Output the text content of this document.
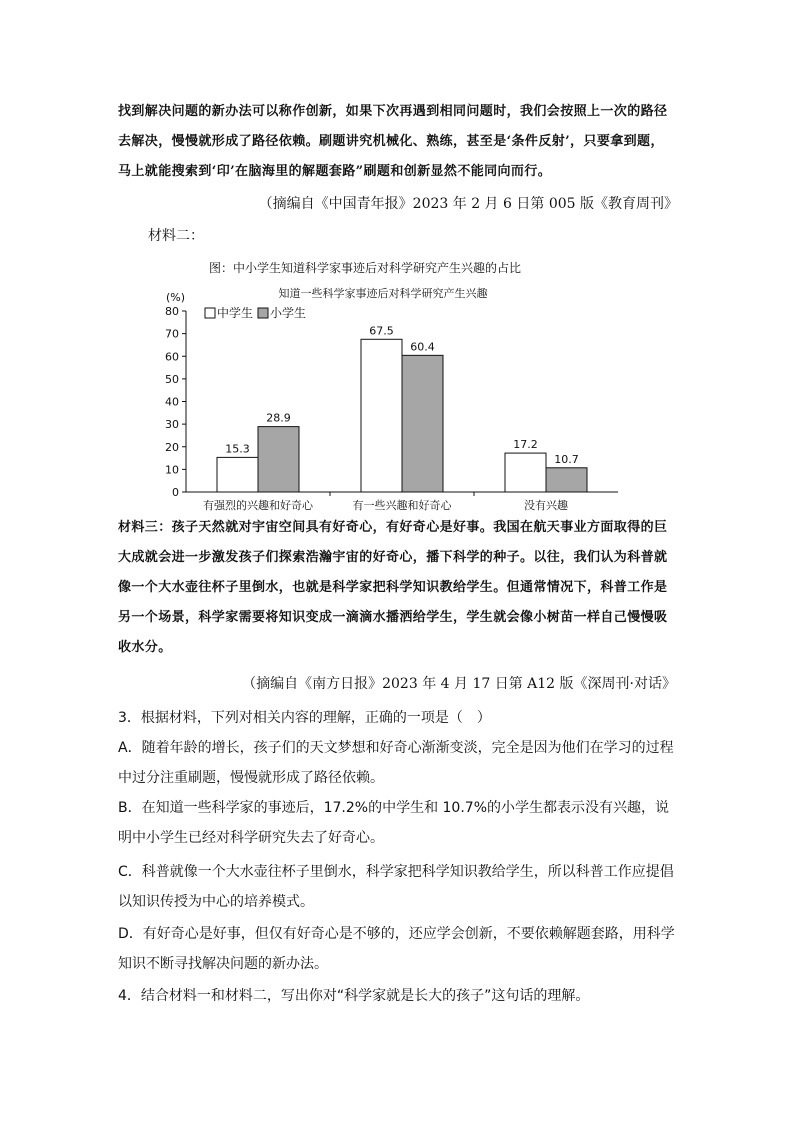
找到解决问题的新办法可以称作创新，如果下次再遇到相同问题时，我们会按照上一次的路径去解决，慢慢就形成了路径依赖。刷题讲究机械化、熟练，甚至是‘条件反射’，只要拿到题，马上就能搜索到‘印’在脑海里的解题套路”刷题和创新显然不能同向而行。

（摘编自《中国青年报》2023 年 2 月 6 日第 005 版《教育周刊》

材料二：

图：中小学生知道科学家事迹后对科学研究产生兴趣的占比
知道一些科学家事迹后对科学研究产生兴趣
(%)
中学生 小学生
0
10
20
30
40
50
60
70
80
有强烈的兴趣和好奇心	有一些兴趣和好奇心	没有兴趣
15.3
28.9
67.5
60.4
17.2
10.7

材料三：孩子天然就对宇宙空间具有好奇心，有好奇心是好事。我国在航天事业方面取得的巨大成就会进一步激发孩子们探索浩瀚宇宙的好奇心，播下科学的种子。以往，我们认为科普就像一个大水壶往杯子里倒水，也就是科学家把科学知识教给学生。但通常情况下，科普工作是另一个场景，科学家需要将知识变成一滴滴水播洒给学生，学生就会像小树苗一样自己慢慢吸收水分。

（摘编自《南方日报》2023 年 4 月 17 日第 A12 版《深周刊·对话》

3．根据材料，下列对相关内容的理解，正确的一项是（　）

A．随着年龄的增长，孩子们的天文梦想和好奇心渐渐变淡，完全是因为他们在学习的过程中过分注重刷题，慢慢就形成了路径依赖。

B．在知道一些科学家的事迹后，17.2%的中学生和 10.7%的小学生都表示没有兴趣，说明中小学生已经对科学研究失去了好奇心。

C．科普就像一个大水壶往杯子里倒水，科学家把科学知识教给学生，所以科普工作应提倡以知识传授为中心的培养模式。

D．有好奇心是好事，但仅有好奇心是不够的，还应学会创新，不要依赖解题套路，用科学知识不断寻找解决问题的新办法。

4．结合材料一和材料二，写出你对“科学家就是长大的孩子”这句话的理解。
